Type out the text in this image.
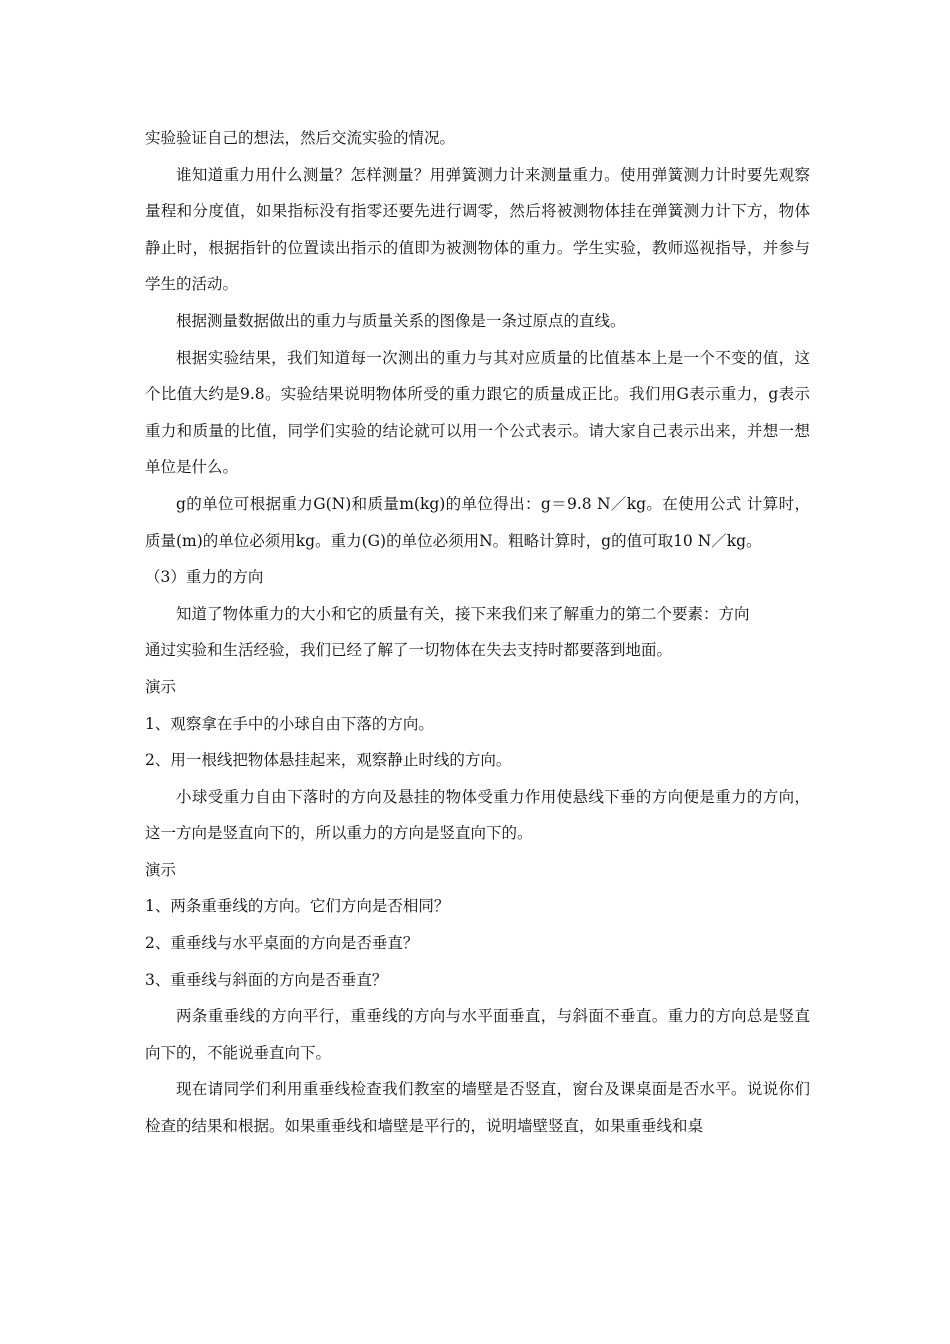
实验验证自己的想法，然后交流实验的情况。

谁知道重力用什么测量？怎样测量？用弹簧测力计来测量重力。使用弹簧测力计时要先观察量程和分度值，如果指标没有指零还要先进行调零，然后将被测物体挂在弹簧测力计下方，物体静止时，根据指针的位置读出指示的值即为被测物体的重力。学生实验，教师巡视指导，并参与学生的活动。

根据测量数据做出的重力与质量关系的图像是一条过原点的直线。

根据实验结果，我们知道每一次测出的重力与其对应质量的比值基本上是一个不变的值，这个比值大约是9.8。实验结果说明物体所受的重力跟它的质量成正比。我们用G表示重力，g表示重力和质量的比值，同学们实验的结论就可以用一个公式表示。请大家自己表示出来，并想一想单位是什么。

g的单位可根据重力G(N)和质量m(kg)的单位得出：g＝9.8 N／kg。在使用公式 计算时，质量(m)的单位必须用kg。重力(G)的单位必须用N。粗略计算时，g的值可取10 N／kg。

（3）重力的方向

知道了物体重力的大小和它的质量有关，接下来我们来了解重力的第二个要素：方向

通过实验和生活经验，我们已经了解了一切物体在失去支持时都要落到地面。

演示

1、观察拿在手中的小球自由下落的方向。

2、用一根线把物体悬挂起来，观察静止时线的方向。

小球受重力自由下落时的方向及悬挂的物体受重力作用使悬线下垂的方向便是重力的方向，这一方向是竖直向下的，所以重力的方向是竖直向下的。

演示

1、两条重垂线的方向。它们方向是否相同？

2、重垂线与水平桌面的方向是否垂直？

3、重垂线与斜面的方向是否垂直？

两条重垂线的方向平行，重垂线的方向与水平面垂直，与斜面不垂直。重力的方向总是竖直向下的，不能说垂直向下。

现在请同学们利用重垂线检查我们教室的墙壁是否竖直，窗台及课桌面是否水平。说说你们检查的结果和根据。如果重垂线和墙壁是平行的，说明墙壁竖直，如果重垂线和桌
